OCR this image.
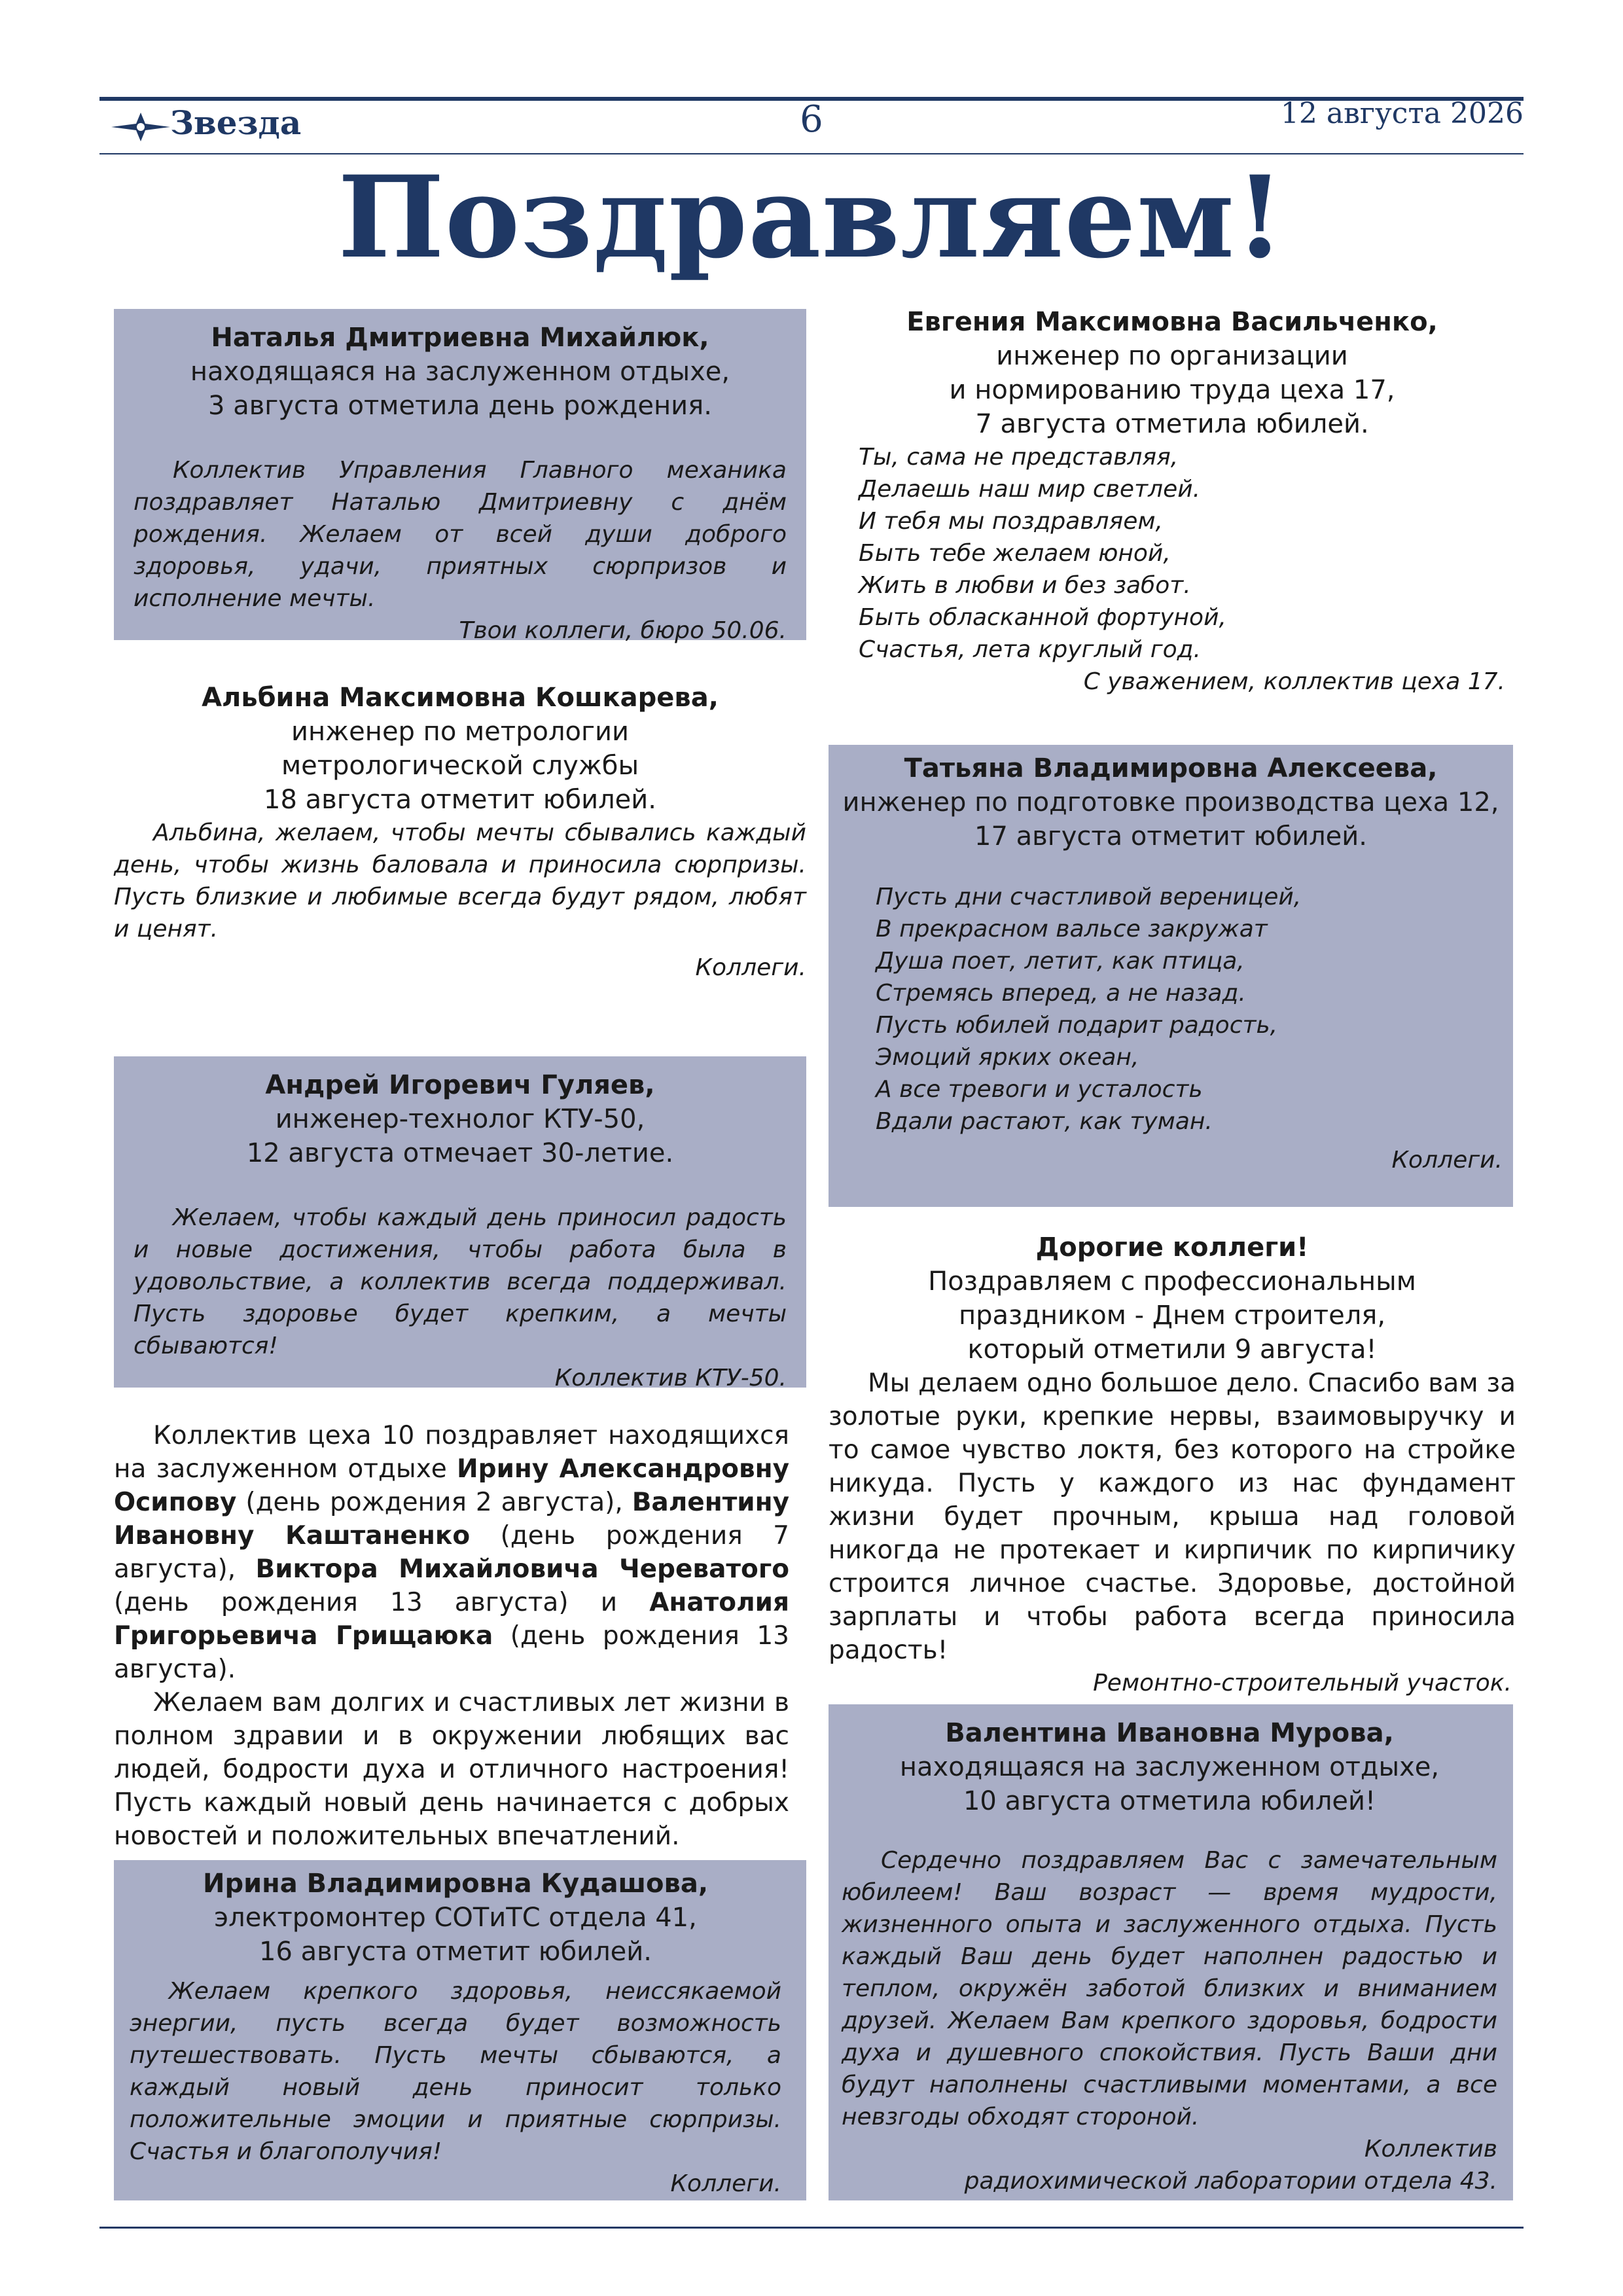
Звезда	6	12 августа 2026
Поздравляем!
Наталья Дмитриевна Михайлюк,
находящаяся на заслуженном отдыхе,
3 августа отметила день рождения.
Коллектив Управления Главного механика поздравляет Наталью Дмитриевну с днём рождения. Желаем от всей души доброго здоровья, удачи, приятных сюрпризов и исполнение мечты.
Твои коллеги, бюро 50.06.
Альбина Максимовна Кошкарева,
инженер по метрологии
метрологической службы
18 августа отметит юбилей.
Альбина, желаем, чтобы мечты сбывались каждый день, чтобы жизнь баловала и приносила сюрпризы. Пусть близкие и любимые всегда будут рядом, любят и ценят.
Коллеги.
Андрей Игоревич Гуляев,
инженер-технолог КТУ-50,
12 августа отмечает 30-летие.
Желаем, чтобы каждый день приносил радость и новые достижения, чтобы работа была в удовольствие, а коллектив всегда поддерживал. Пусть здоровье будет крепким, а мечты сбываются!
Коллектив КТУ-50.
Коллектив цеха 10 поздравляет находящихся на заслуженном отдыхе Ирину Александровну Осипову (день рождения 2 августа), Валентину Ивановну Каштаненко (день рождения 7 августа), Виктора Михайловича Череватого (день рождения 13 августа) и Анатолия Григорьевича Грищаюка (день рождения 13 августа).
Желаем вам долгих и счастливых лет жизни в полном здравии и в окружении любящих вас людей, бодрости духа и отличного настроения! Пусть каждый новый день начинается с добрых новостей и положительных впечатлений.
Ирина Владимировна Кудашова,
электромонтер СОТиТС отдела 41,
16 августа отметит юбилей.
Желаем крепкого здоровья, неиссякаемой энергии, пусть всегда будет возможность путешествовать. Пусть мечты сбываются, а каждый новый день приносит только положительные эмоции и приятные сюрпризы. Счастья и благополучия!
Коллеги.
Евгения Максимовна Васильченко,
инженер по организации
и нормированию труда цеха 17,
7 августа отметила юбилей.
Ты, сама не представляя,
Делаешь наш мир светлей.
И тебя мы поздравляем,
Быть тебе желаем юной,
Жить в любви и без забот.
Быть обласканной фортуной,
Счастья, лета круглый год.
С уважением, коллектив цеха 17.
Татьяна Владимировна Алексеева,
инженер по подготовке производства цеха 12,
17 августа отметит юбилей.
Пусть дни счастливой вереницей,
В прекрасном вальсе закружат
Душа поет, летит, как птица,
Стремясь вперед, а не назад.
Пусть юбилей подарит радость,
Эмоций ярких океан,
А все тревоги и усталость
Вдали растают, как туман.
Коллеги.
Дорогие коллеги!
Поздравляем с профессиональным
праздником - Днем строителя,
который отметили 9 августа!
Мы делаем одно большое дело. Спасибо вам за золотые руки, крепкие нервы, взаимовыручку и то самое чувство локтя, без которого на стройке никуда. Пусть у каждого из нас фундамент жизни будет прочным, крыша над головой никогда не протекает и кирпичик по кирпичику строится личное счастье. Здоровье, достойной зарплаты и чтобы работа всегда приносила радость!
Ремонтно-строительный участок.
Валентина Ивановна Мурова,
находящаяся на заслуженном отдыхе,
10 августа отметила юбилей!
Сердечно поздравляем Вас с замечательным юбилеем! Ваш возраст — время мудрости, жизненного опыта и заслуженного отдыха. Пусть каждый Ваш день будет наполнен радостью и теплом, окружён заботой близких и вниманием друзей. Желаем Вам крепкого здоровья, бодрости духа и душевного спокойствия. Пусть Ваши дни будут наполнены счастливыми моментами, а все невзгоды обходят стороной.
Коллектив
радиохимической лаборатории отдела 43.
